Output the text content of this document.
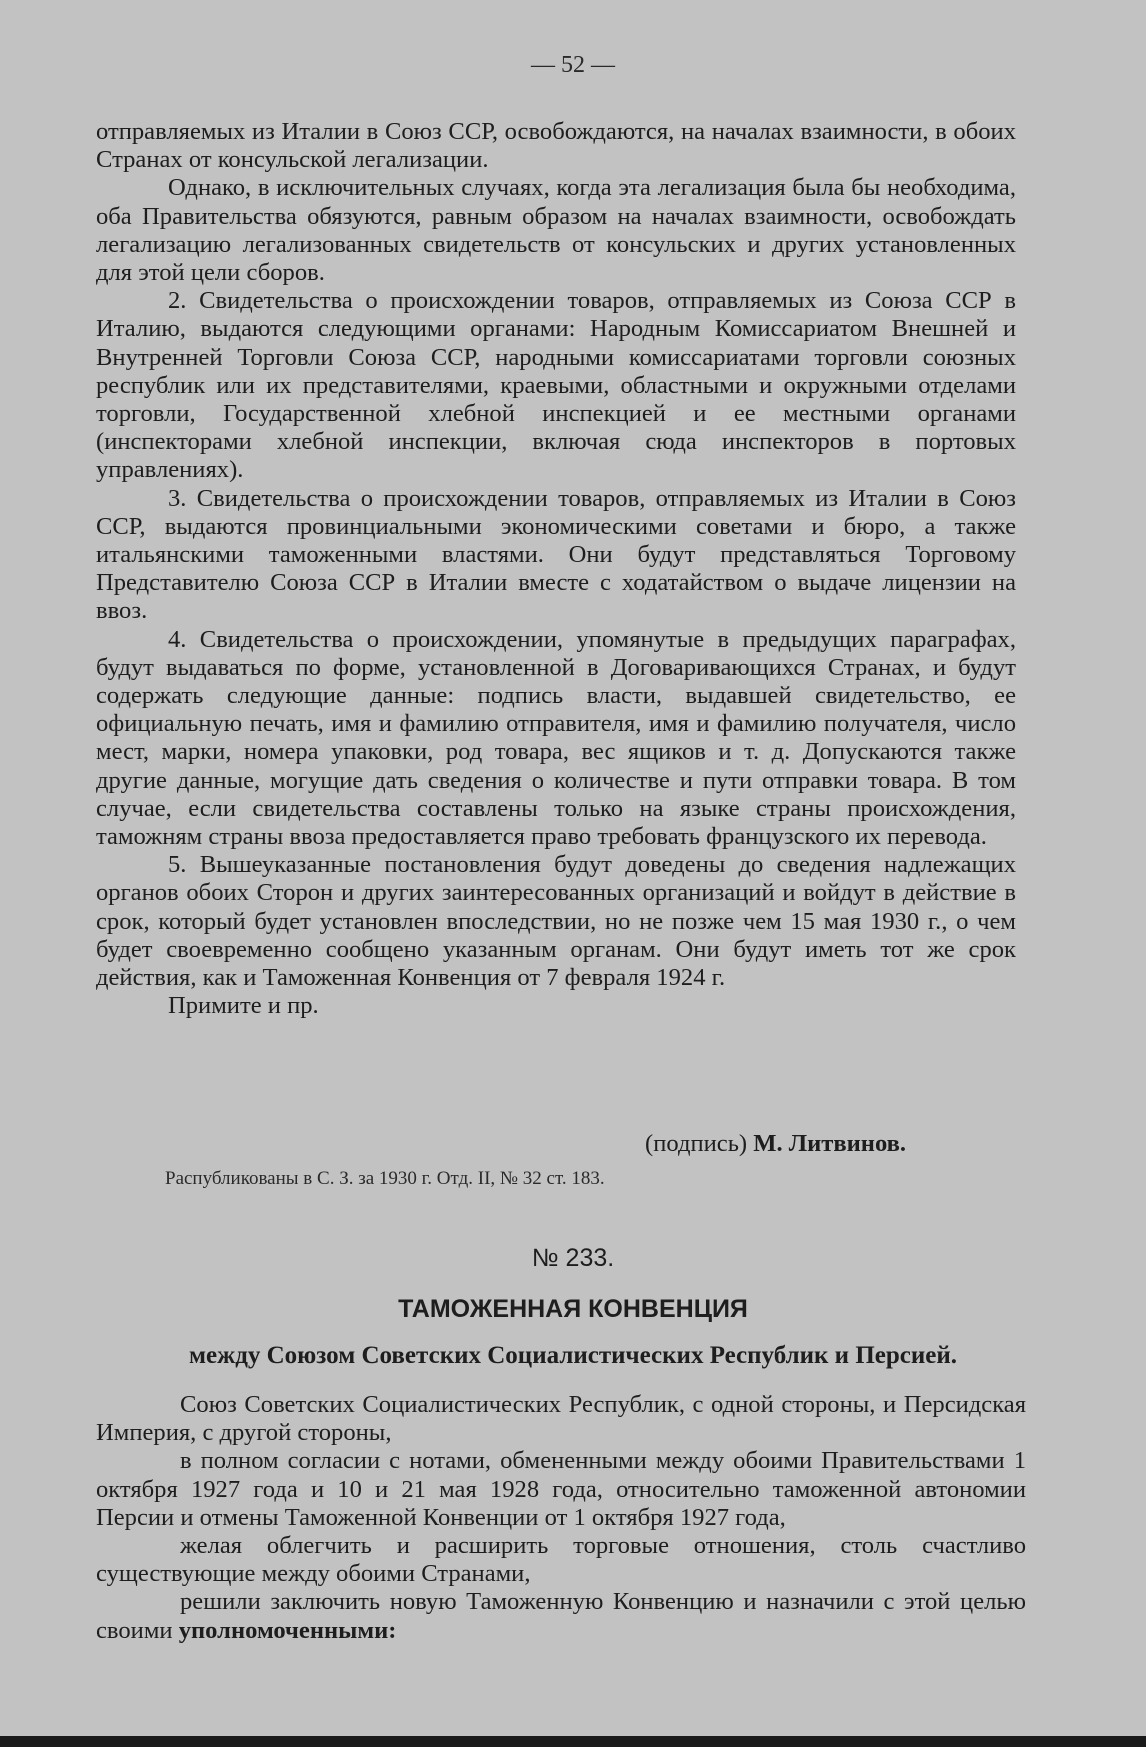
— 52 —

отправляемых из Италии в Союз ССР, освобождаются, на началах взаимности, в обоих Странах от консульской легализации.

Однако, в исключительных случаях, когда эта легализация была бы необходима, оба Правительства обязуются, равным образом на началах взаимности, освобождать легализацию легализованных свидетельств от консульских и других установленных для этой цели сборов.

2. Свидетельства о происхождении товаров, отправляемых из Союза ССР в Италию, выдаются следующими органами: Народным Комиссариатом Внешней и Внутренней Торговли Союза ССР, народными комиссариатами торговли союзных республик или их представителями, краевыми, областными и окружными отделами торговли, Государственной хлебной инспекцией и ее местными органами (инспекторами хлебной инспекции, включая сюда инспекторов в портовых управлениях).

3. Свидетельства о происхождении товаров, отправляемых из Италии в Союз ССР, выдаются провинциальными экономическими советами и бюро, а также итальянскими таможенными властями. Они будут представляться Торговому Представителю Союза ССР в Италии вместе с ходатайством о выдаче лицензии на ввоз.

4. Свидетельства о происхождении, упомянутые в предыдущих параграфах, будут выдаваться по форме, установленной в Договаривающихся Странах, и будут содержать следующие данные: подпись власти, выдавшей свидетельство, ее официальную печать, имя и фамилию отправителя, имя и фамилию получателя, число мест, марки, номера упаковки, род товара, вес ящиков и т. д. Допускаются также другие данные, могущие дать сведения о количестве и пути отправки товара. В том случае, если свидетельства составлены только на языке страны происхождения, таможням страны ввоза предоставляется право требовать французского их перевода.

5. Вышеуказанные постановления будут доведены до сведения надлежащих органов обоих Сторон и других заинтересованных организаций и войдут в действие в срок, который будет установлен впоследствии, но не позже чем 15 мая 1930 г., о чем будет своевременно сообщено указанным органам. Они будут иметь тот же срок действия, как и Таможенная Конвенция от 7 февраля 1924 г.

Примите и пр.

(подпись) М. Литвинов.
Распубликованы в С. З. за 1930 г. Отд. II, № 32 ст. 183.
№ 233.
ТАМОЖЕННАЯ КОНВЕНЦИЯ
между Союзом Советских Социалистических Республик и Персией.

Союз Советских Социалистических Республик, с одной стороны, и Персидская Империя, с другой стороны,

в полном согласии с нотами, обмененными между обоими Правительствами 1 октября 1927 года и 10 и 21 мая 1928 года, относительно таможенной автономии Персии и отмены Таможенной Конвенции от 1 октября 1927 года,

желая облегчить и расширить торговые отношения, столь счастливо существующие между обоими Странами,

решили заключить новую Таможенную Конвенцию и назначили с этой целью своими уполномоченными:
